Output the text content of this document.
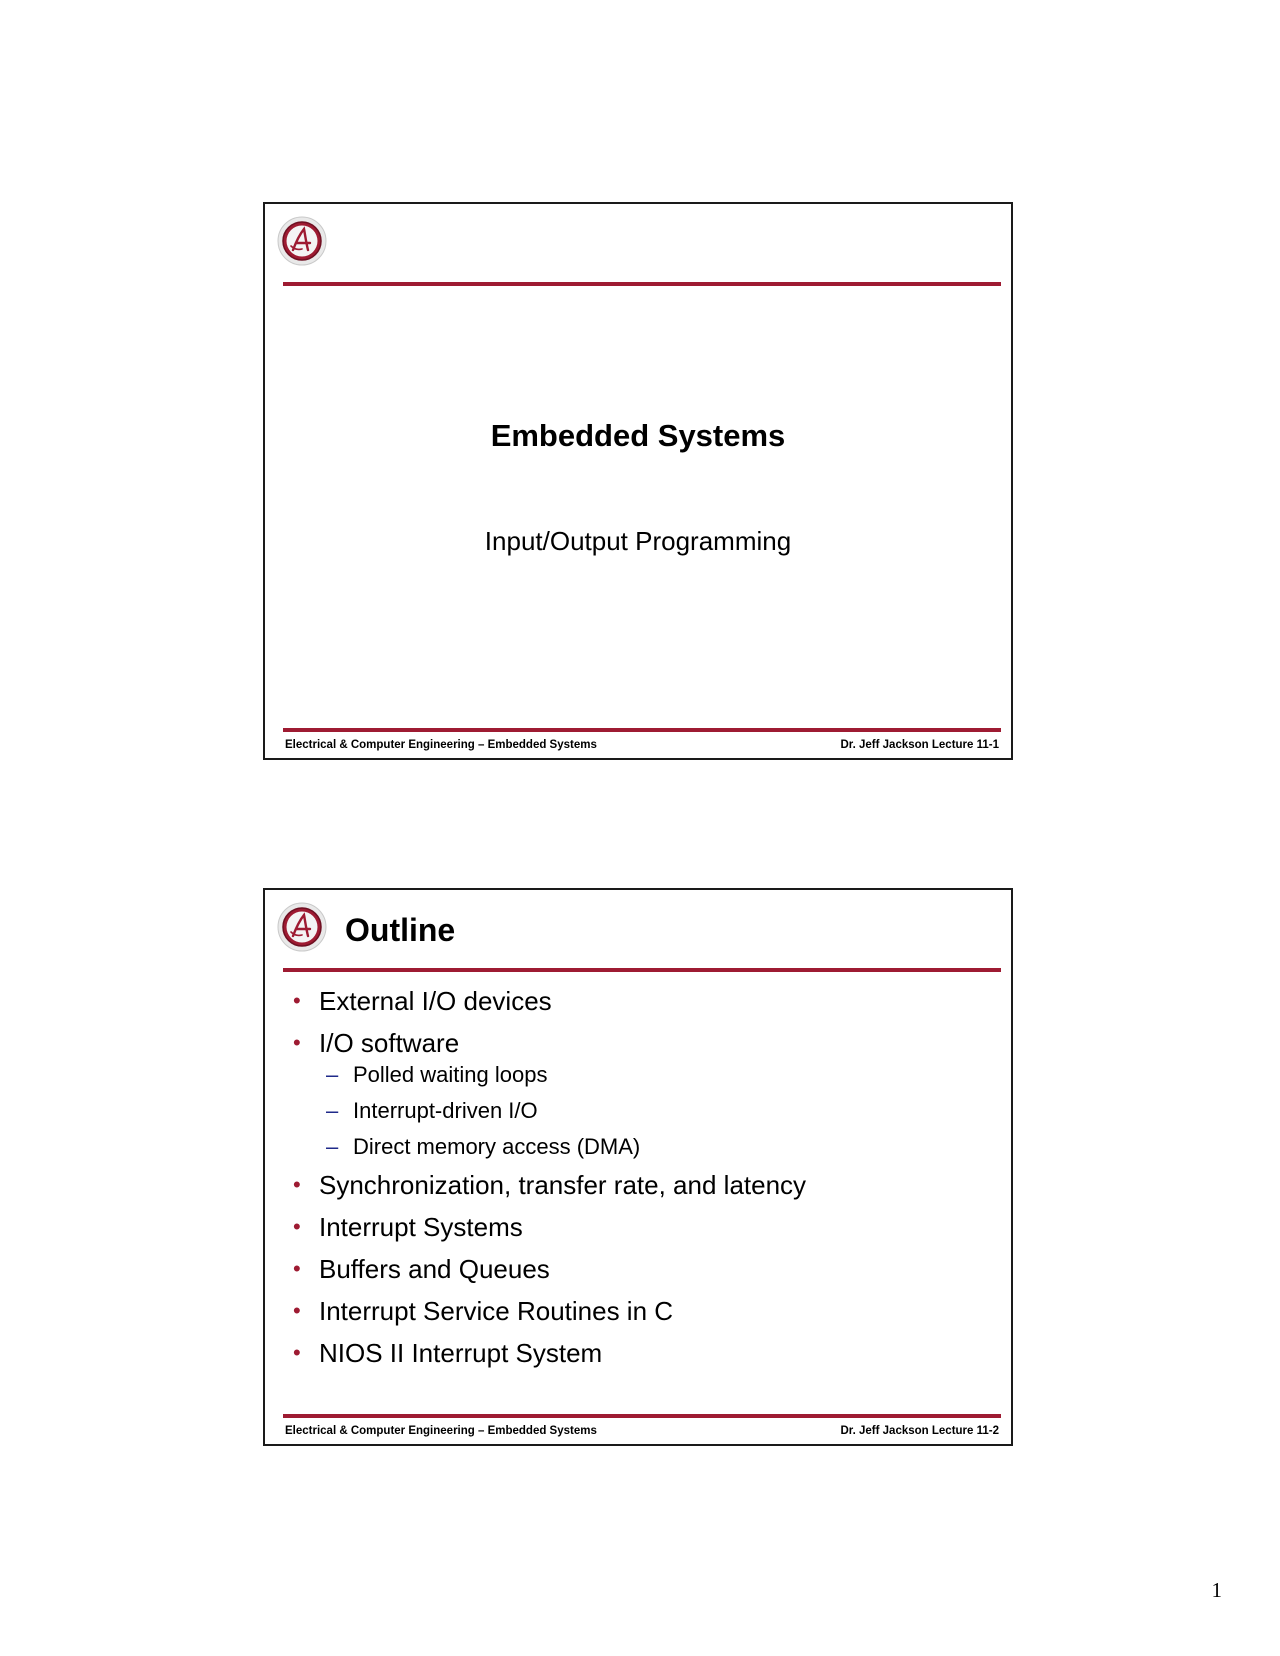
Embedded Systems
Input/Output Programming
Electrical & Computer Engineering – Embedded Systems	Dr. Jeff Jackson Lecture 11-1
Outline
• External I/O devices
• I/O software
– Polled waiting loops
– Interrupt-driven I/O
– Direct memory access (DMA)
• Synchronization, transfer rate, and latency
• Interrupt Systems
• Buffers and Queues
• Interrupt Service Routines in C
• NIOS II Interrupt System
Electrical & Computer Engineering – Embedded Systems	Dr. Jeff Jackson Lecture 11-2
1
